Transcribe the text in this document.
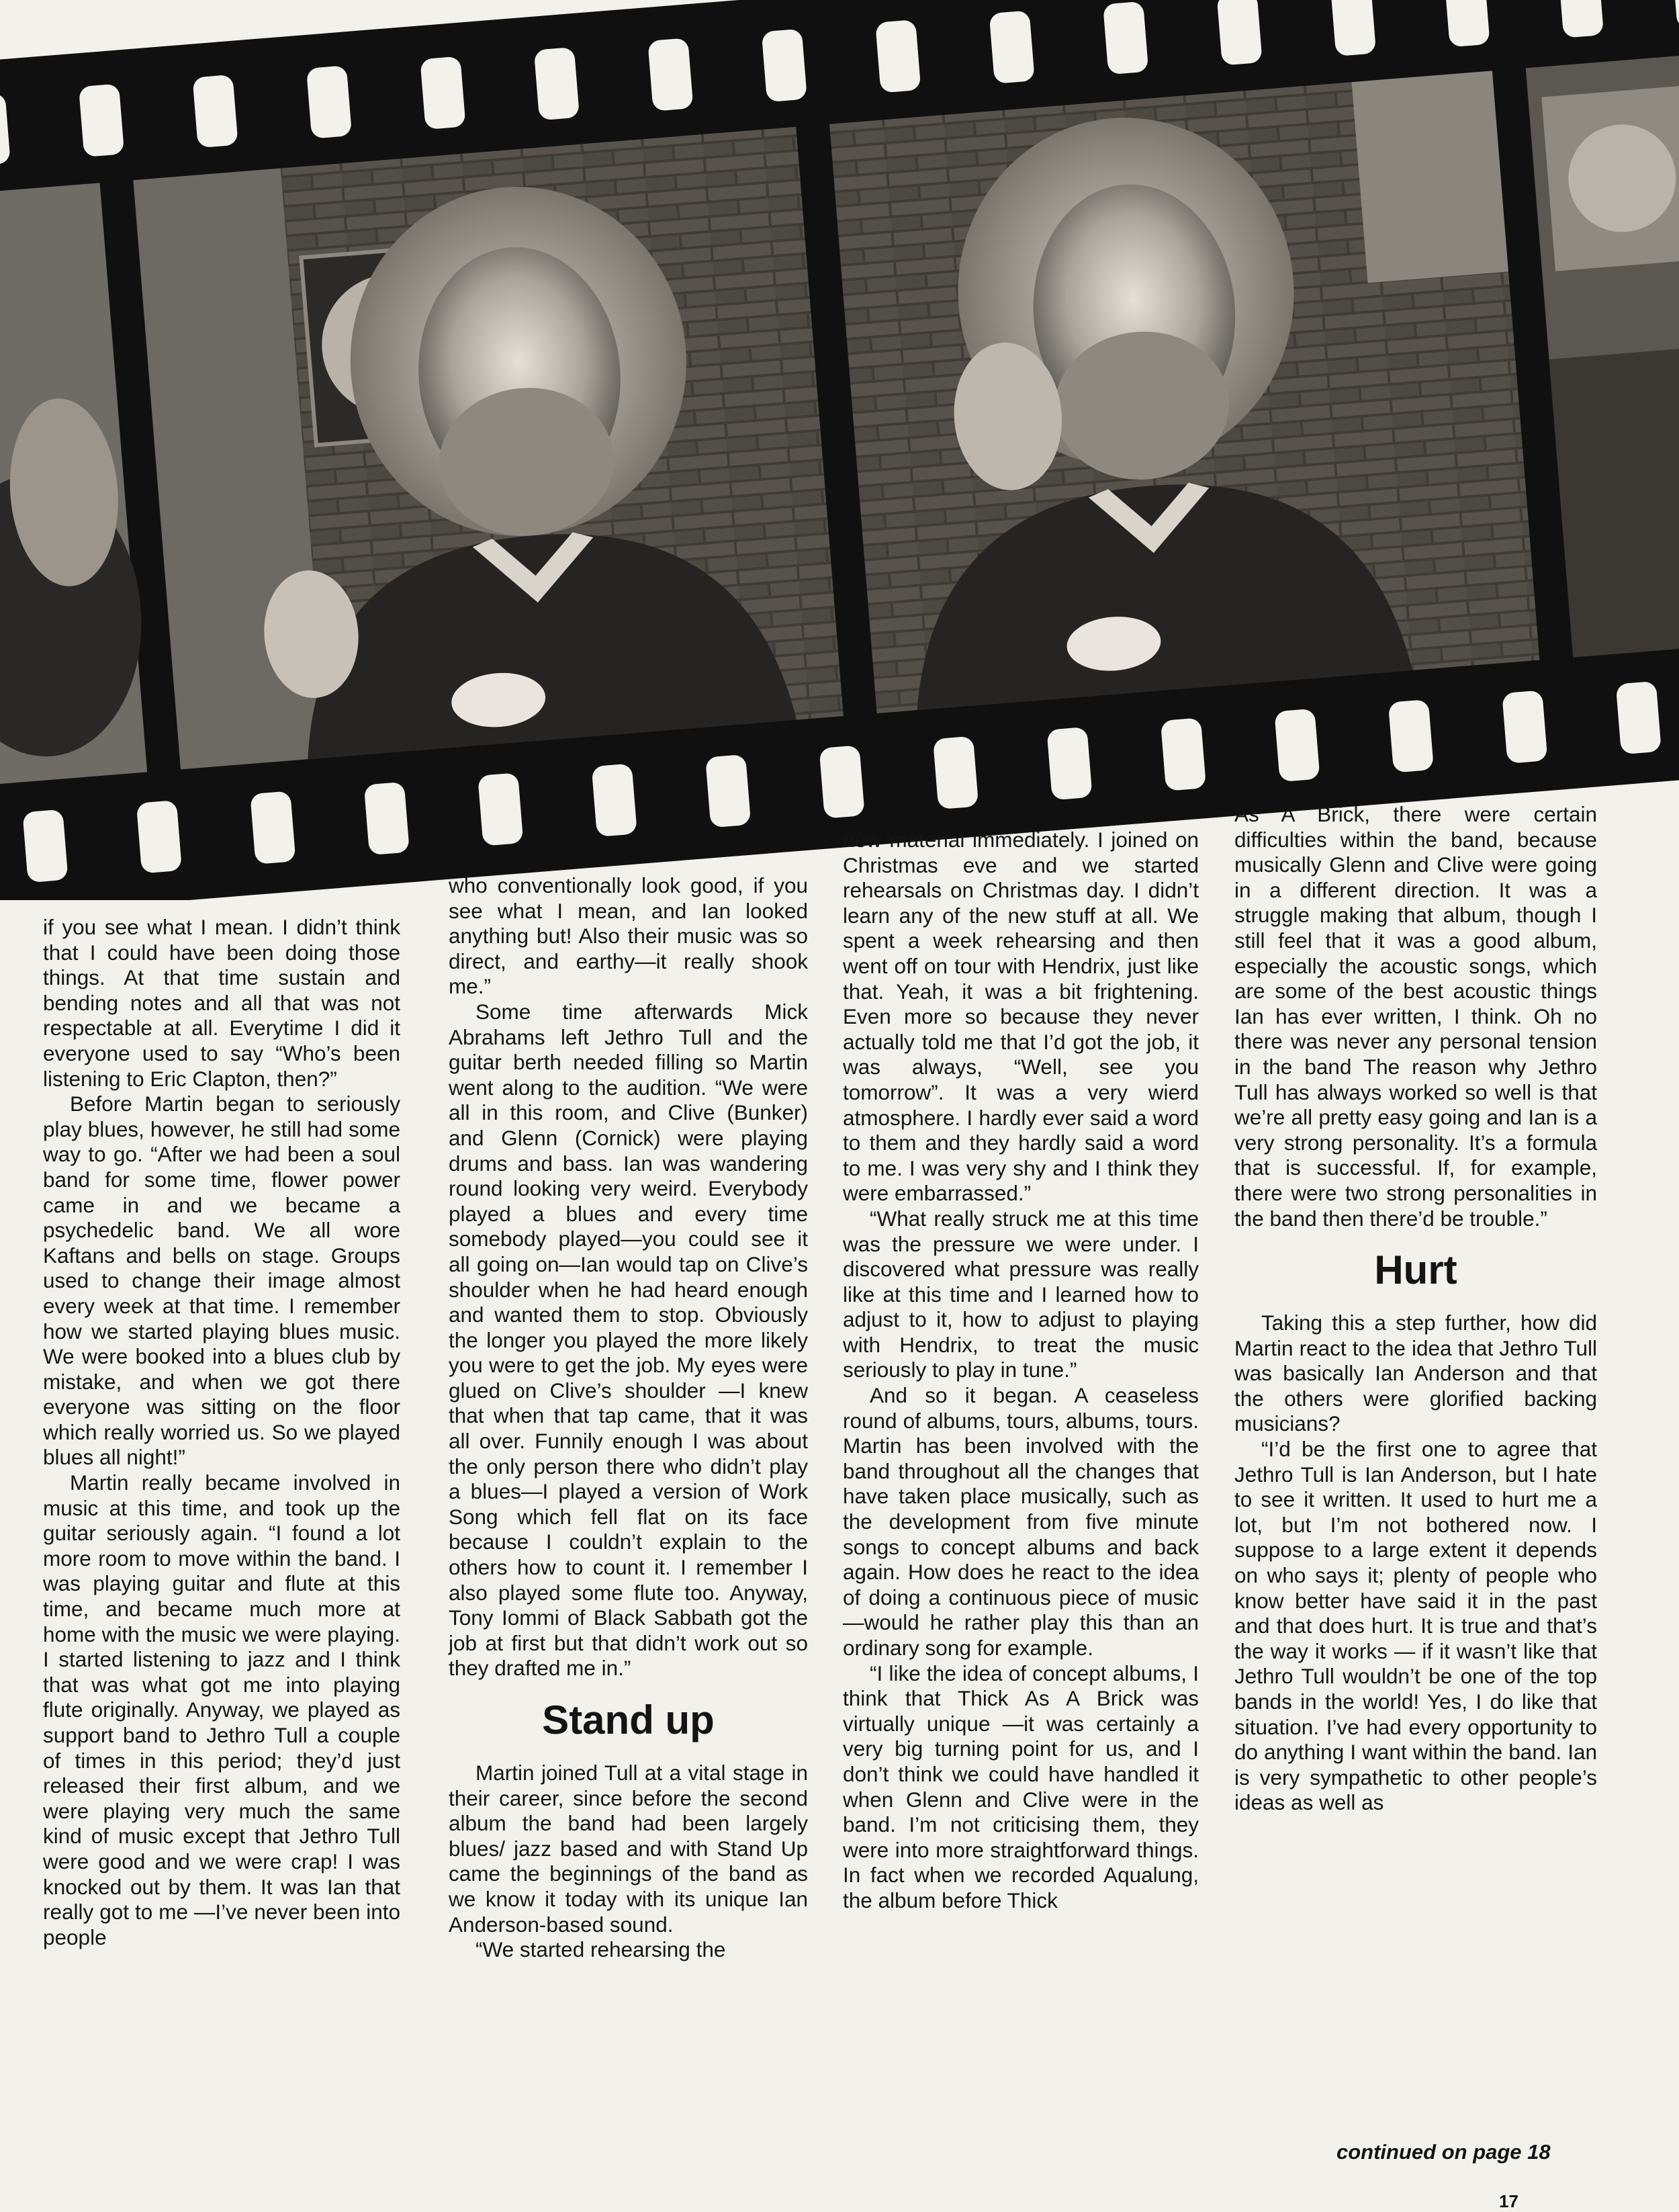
if you see what I mean. I didn’t think that I could have been doing those things. At that time sustain and bending notes and all that was not respectable at all. Everytime I did it everyone used to say “Who’s been listening to Eric Clapton, then?”

Before Martin began to seriously play blues, however, he still had some way to go. “After we had been a soul band for some time, flower power came in and we became a psychedelic band. We all wore Kaftans and bells on stage. Groups used to change their image almost every week at that time. I remember how we started playing blues music. We were booked into a blues club by mistake, and when we got there everyone was sitting on the floor which really worried us. So we played blues all night!”

Martin really became involved in music at this time, and took up the guitar seriously again. “I found a lot more room to move within the band. I was playing guitar and flute at this time, and became much more at home with the music we were playing. I started listening to jazz and I think that was what got me into playing flute originally. Anyway, we played as support band to Jethro Tull a couple of times in this period; they’d just released their first album, and we were playing very much the same kind of music except that Jethro Tull were good and we were crap! I was knocked out by them. It was Ian that really got to me —I’ve never been into people

who conventionally look good, if you see what I mean, and Ian looked anything but! Also their music was so direct, and earthy—it really shook me.”

Some time afterwards Mick Abrahams left Jethro Tull and the guitar berth needed filling so Martin went along to the audition. “We were all in this room, and Clive (Bunker) and Glenn (Cornick) were playing drums and bass. Ian was wandering round looking very weird. Everybody played a blues and every time somebody played—you could see it all going on—Ian would tap on Clive’s shoulder when he had heard enough and wanted them to stop. Obviously the longer you played the more likely you were to get the job. My eyes were glued on Clive’s shoulder —I knew that when that tap came, that it was all over. Funnily enough I was about the only person there who didn’t play a blues—I played a version of Work Song which fell flat on its face because I couldn’t explain to the others how to count it. I remember I also played some flute too. Anyway, Tony Iommi of Black Sabbath got the job at first but that didn’t work out so they drafted me in.”

Stand up

Martin joined Tull at a vital stage in their career, since before the second album the band had been largely blues/ jazz based and with Stand Up came the beginnings of the band as we know it today with its unique Ian Anderson-based sound.

“We started rehearsing the

new material immediately. I joined on Christmas eve and we started rehearsals on Christmas day. I didn’t learn any of the new stuff at all. We spent a week rehearsing and then went off on tour with Hendrix, just like that. Yeah, it was a bit frightening. Even more so because they never actually told me that I’d got the job, it was always, “Well, see you tomorrow”. It was a very wierd atmosphere. I hardly ever said a word to them and they hardly said a word to me. I was very shy and I think they were embarrassed.”

“What really struck me at this time was the pressure we were under. I discovered what pressure was really like at this time and I learned how to adjust to it, how to adjust to playing with Hendrix, to treat the music seriously to play in tune.”

And so it began. A ceaseless round of albums, tours, albums, tours. Martin has been involved with the band throughout all the changes that have taken place musically, such as the development from five minute songs to concept albums and back again. How does he react to the idea of doing a continuous piece of music—would he rather play this than an ordinary song for example.

“I like the idea of concept albums, I think that Thick As A Brick was virtually unique —it was certainly a very big turning point for us, and I don’t think we could have handled it when Glenn and Clive were in the band. I’m not criticising them, they were into more straightforward things. In fact when we recorded Aqualung, the album before Thick

As A Brick, there were certain difficulties within the band, because musically Glenn and Clive were going in a different direction. It was a struggle making that album, though I still feel that it was a good album, especially the acoustic songs, which are some of the best acoustic things Ian has ever written, I think. Oh no there was never any personal tension in the band The reason why Jethro Tull has always worked so well is that we’re all pretty easy going and Ian is a very strong personality. It’s a formula that is successful. If, for example, there were two strong personalities in the band then there’d be trouble.”

Hurt

Taking this a step further, how did Martin react to the idea that Jethro Tull was basically Ian Anderson and that the others were glorified backing musicians?

“I’d be the first one to agree that Jethro Tull is Ian Anderson, but I hate to see it written. It used to hurt me a lot, but I’m not bothered now. I suppose to a large extent it depends on who says it; plenty of people who know better have said it in the past and that does hurt. It is true and that’s the way it works — if it wasn’t like that Jethro Tull wouldn’t be one of the top bands in the world! Yes, I do like that situation. I’ve had every opportunity to do anything I want within the band. Ian is very sympathetic to other people’s ideas as well as

continued on page 18
17
